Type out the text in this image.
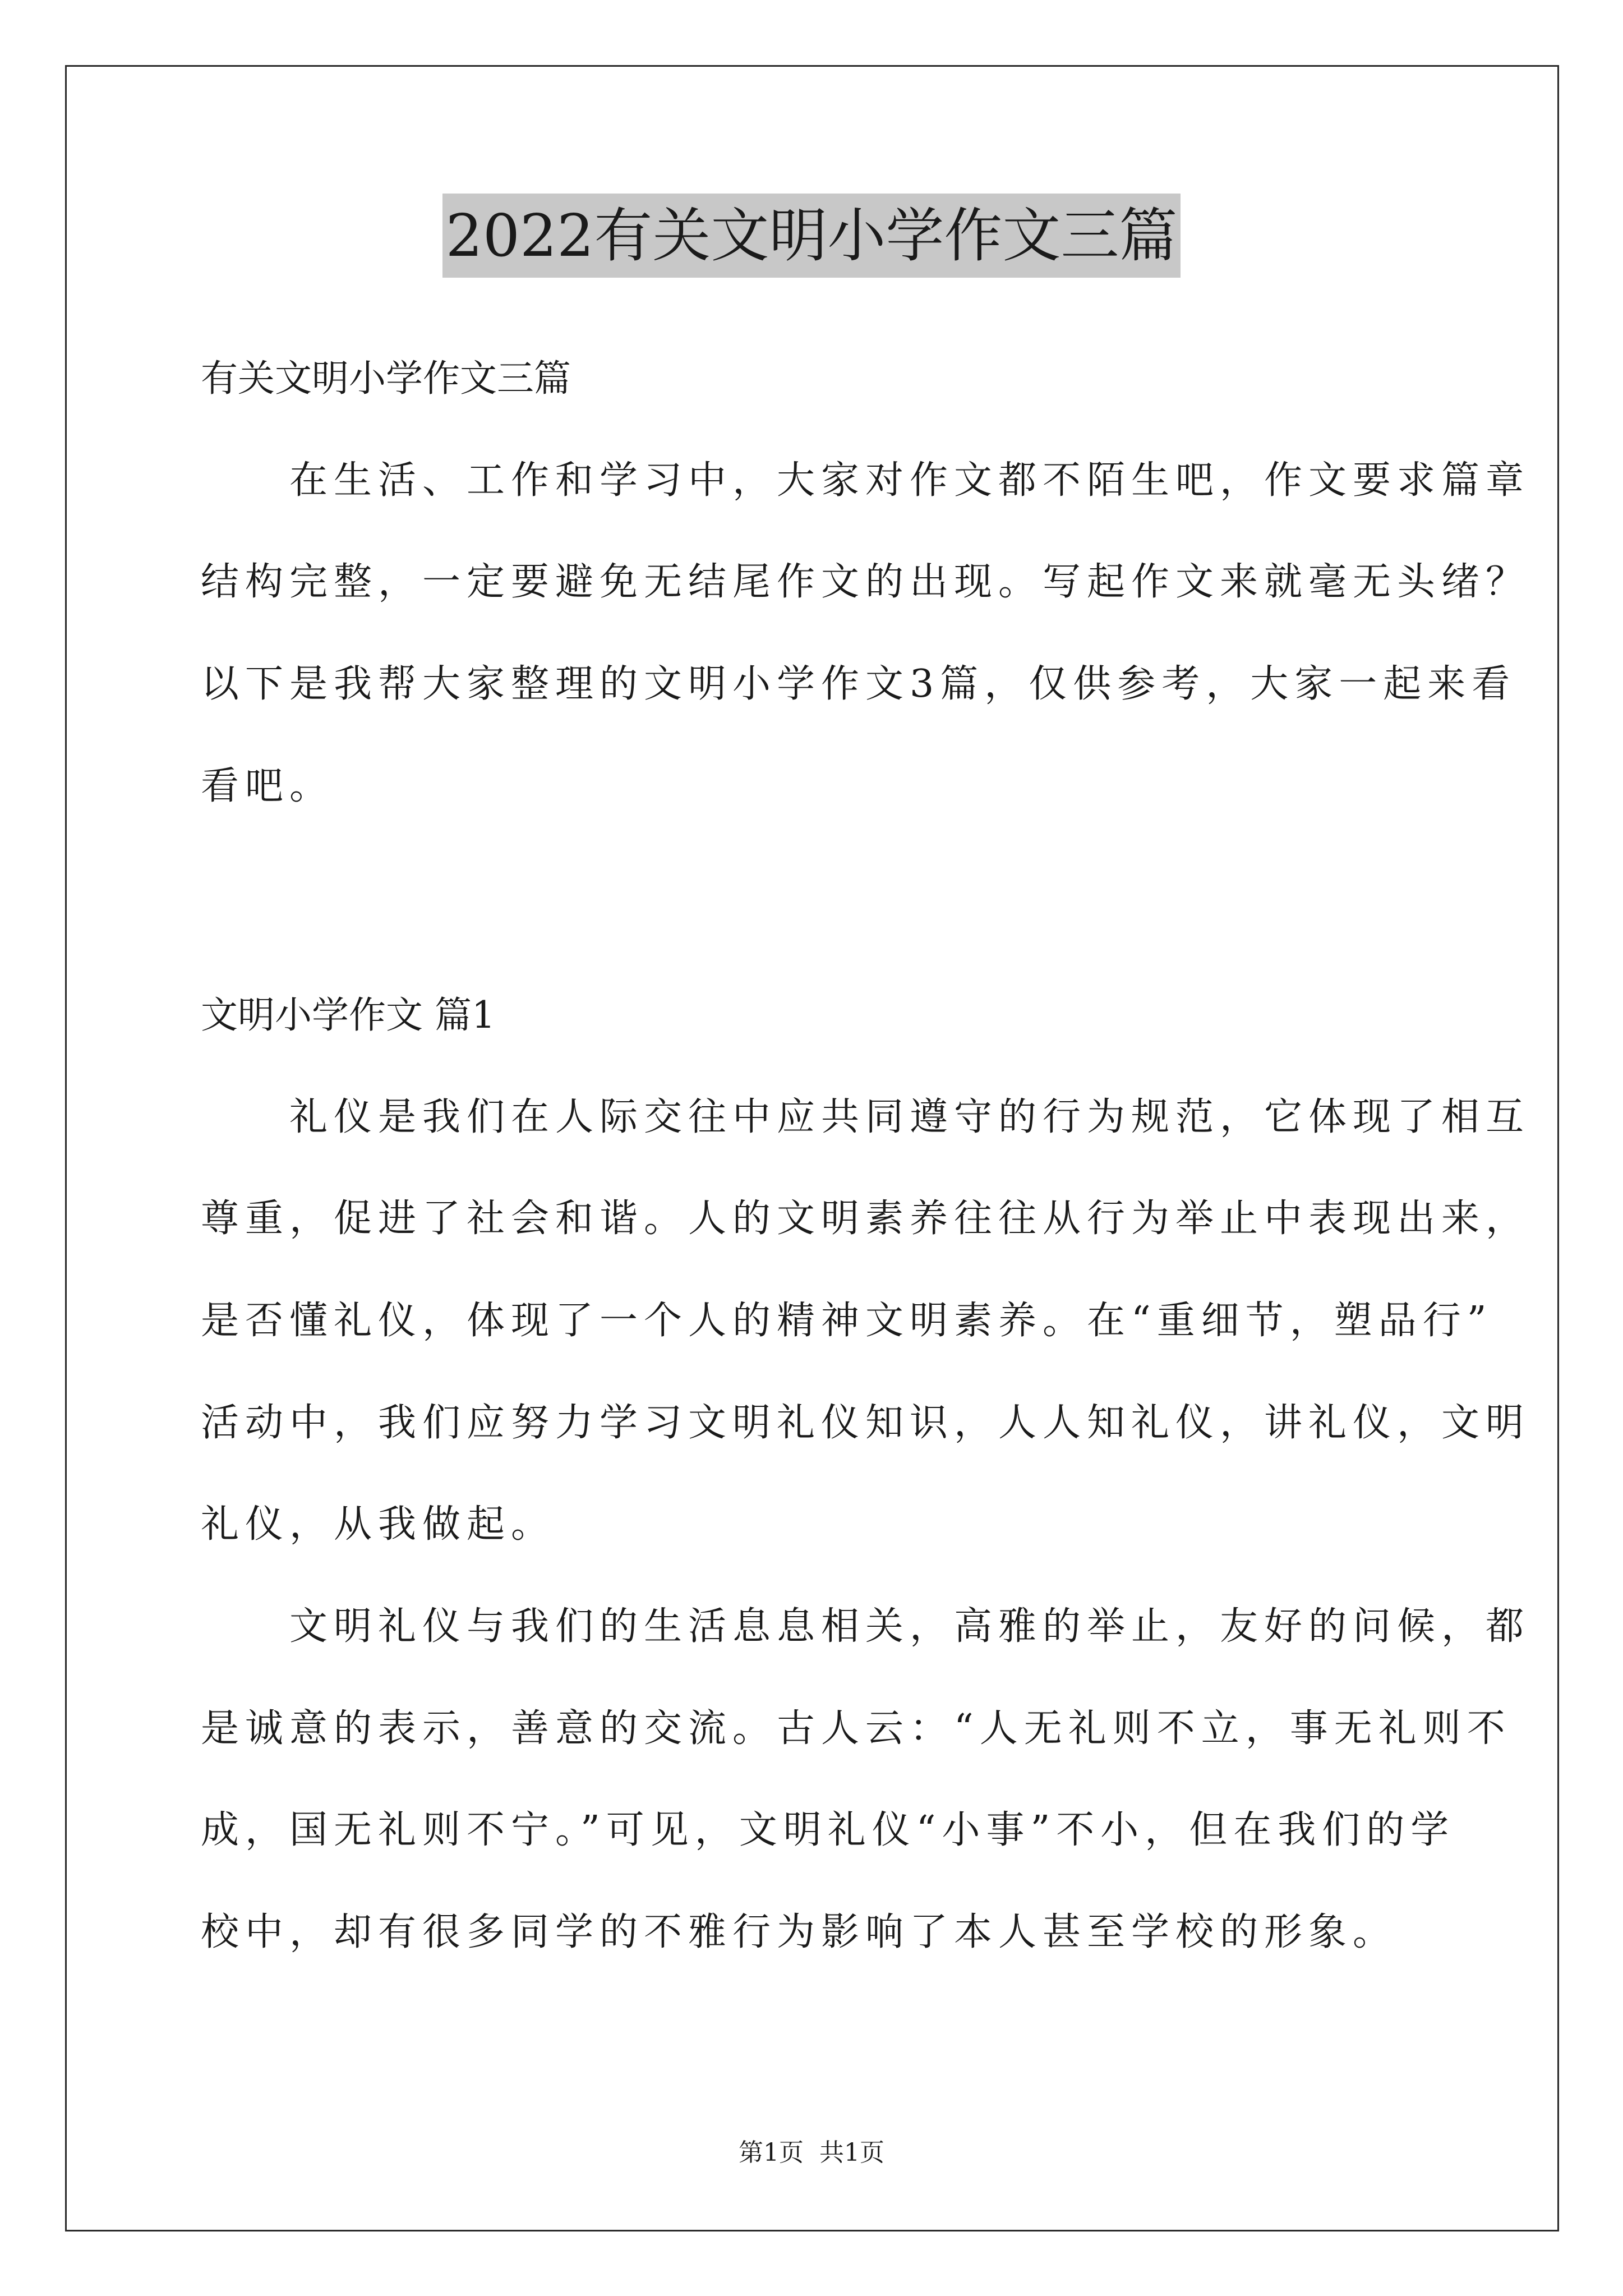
2022有关文明小学作文三篇
有关文明小学作文三篇
　　在生活、工作和学习中，大家对作文都不陌生吧，作文要求篇章
结构完整，一定要避免无结尾作文的出现。写起作文来就毫无头绪？
以下是我帮大家整理的文明小学作文3篇，仅供参考，大家一起来看
看吧。
文明小学作文 篇1
　　礼仪是我们在人际交往中应共同遵守的行为规范，它体现了相互
尊重，促进了社会和谐。人的文明素养往往从行为举止中表现出来，
是否懂礼仪，体现了一个人的精神文明素养。在“重细节，塑品行”
活动中，我们应努力学习文明礼仪知识，人人知礼仪，讲礼仪，文明
礼仪，从我做起。
　　文明礼仪与我们的生活息息相关，高雅的举止，友好的问候，都
是诚意的表示，善意的交流。古人云：“人无礼则不立，事无礼则不
成，国无礼则不宁。”可见，文明礼仪“小事”不小，但在我们的学
校中，却有很多同学的不雅行为影响了本人甚至学校的形象。
第1页 共1页
